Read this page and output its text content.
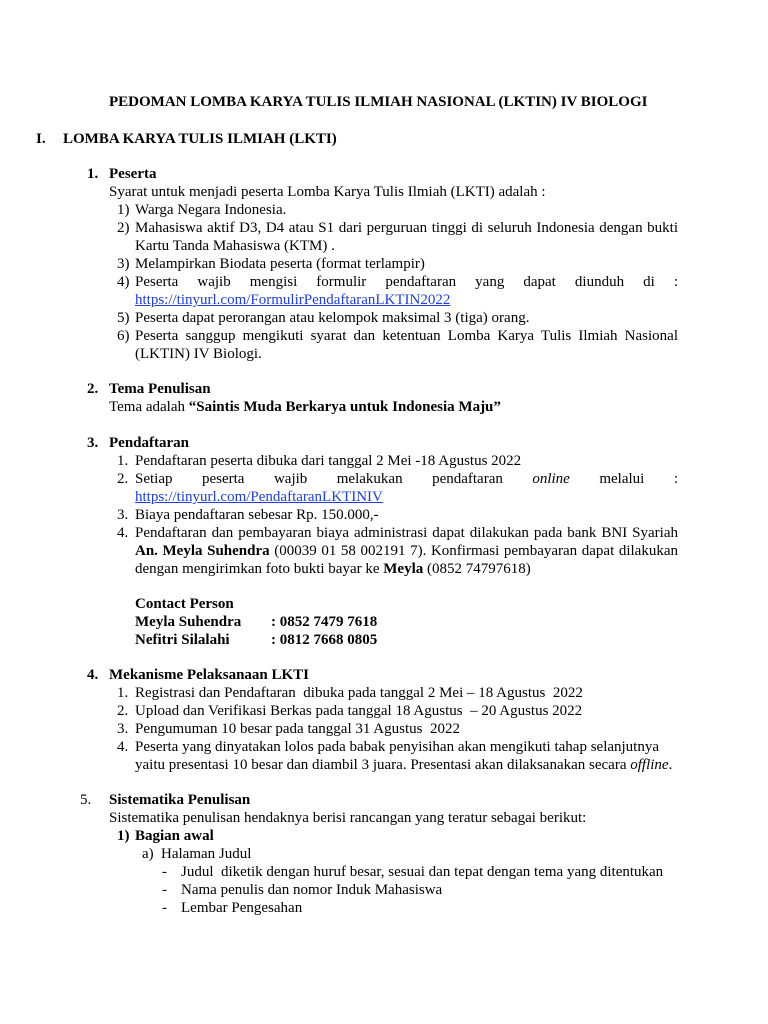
PEDOMAN LOMBA KARYA TULIS ILMIAH NASIONAL (LKTIN) IV BIOLOGI
I. LOMBA KARYA TULIS ILMIAH (LKTI)
1. Peserta
Syarat untuk menjadi peserta Lomba Karya Tulis Ilmiah (LKTI) adalah :
1) Warga Negara Indonesia.
2) Mahasiswa aktif D3, D4 atau S1 dari perguruan tinggi di seluruh Indonesia dengan bukti
Kartu Tanda Mahasiswa (KTM) .
3) Melampirkan Biodata peserta (format terlampir)
4) Peserta wajib mengisi formulir pendaftaran yang dapat diunduh di :
https://tinyurl.com/FormulirPendaftaranLKTIN2022
5) Peserta dapat perorangan atau kelompok maksimal 3 (tiga) orang.
6) Peserta sanggup mengikuti syarat dan ketentuan Lomba Karya Tulis Ilmiah Nasional
(LKTIN) IV Biologi.
2. Tema Penulisan
Tema adalah “Saintis Muda Berkarya untuk Indonesia Maju”
3. Pendaftaran
1. Pendaftaran peserta dibuka dari tanggal 2 Mei -18 Agustus 2022
2. Setiap peserta wajib melakukan pendaftaran online melalui :
https://tinyurl.com/PendaftaranLKTINIV
3. Biaya pendaftaran sebesar Rp. 150.000,-
4. Pendaftaran dan pembayaran biaya administrasi dapat dilakukan pada bank BNI Syariah
An. Meyla Suhendra (00039 01 58 002191 7). Konfirmasi pembayaran dapat dilakukan
dengan mengirimkan foto bukti bayar ke Meyla (0852 74797618)
Contact Person
Meyla Suhendra : 0852 7479 7618
Nefitri Silalahi	: 0812 7668 0805
4. Mekanisme Pelaksanaan LKTI
1. Registrasi dan Pendaftaran  dibuka pada tanggal 2 Mei – 18 Agustus  2022
2. Upload dan Verifikasi Berkas pada tanggal 18 Agustus  – 20 Agustus 2022
3. Pengumuman 10 besar pada tanggal 31 Agustus  2022
4. Peserta yang dinyatakan lolos pada babak penyisihan akan mengikuti tahap selanjutnya
yaitu presentasi 10 besar dan diambil 3 juara. Presentasi akan dilaksanakan secara offline.
5. Sistematika Penulisan
Sistematika penulisan hendaknya berisi rancangan yang teratur sebagai berikut:
1) Bagian awal
a) Halaman Judul
- Judul  diketik dengan huruf besar, sesuai dan tepat dengan tema yang ditentukan
- Nama penulis dan nomor Induk Mahasiswa
- Lembar Pengesahan
